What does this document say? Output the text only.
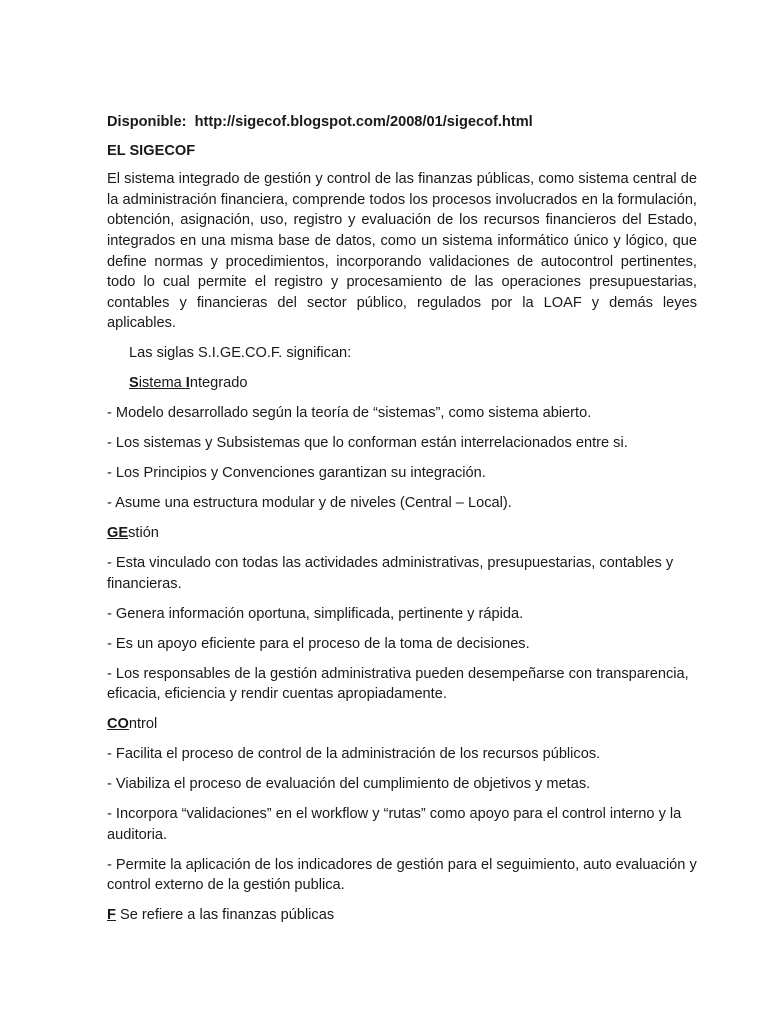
Disponible: http://sigecof.blogspot.com/2008/01/sigecof.html

EL SIGECOF

El sistema integrado de gestión y control de las finanzas públicas, como sistema central de la administración financiera, comprende todos los procesos involucrados en la formulación, obtención, asignación, uso, registro y evaluación de los recursos financieros del Estado, integrados en una misma base de datos, como un sistema informático único y lógico, que define normas y procedimientos, incorporando validaciones de autocontrol pertinentes, todo lo cual permite el registro y procesamiento de las operaciones presupuestarias, contables y financieras del sector público, regulados por la LOAF y demás leyes aplicables.

Las siglas S.I.GE.CO.F. significan:

Sistema Integrado

- Modelo desarrollado según la teoría de “sistemas”, como sistema abierto.

- Los sistemas y Subsistemas que lo conforman están interrelacionados entre si.

- Los Principios y Convenciones garantizan su integración.

- Asume una estructura modular y de niveles (Central – Local).

GEstión

- Esta vinculado con todas las actividades administrativas, presupuestarias, contables y financieras.

- Genera información oportuna, simplificada, pertinente y rápida.

- Es un apoyo eficiente para el proceso de la toma de decisiones.

- Los responsables de la gestión administrativa pueden desempeñarse con transparencia, eficacia, eficiencia y rendir cuentas apropiadamente.

COntrol

- Facilita el proceso de control de la administración de los recursos públicos.

- Viabiliza el proceso de evaluación del cumplimiento de objetivos y metas.

- Incorpora “validaciones” en el workflow y “rutas” como apoyo para el control interno y la auditoria.

- Permite la aplicación de los indicadores de gestión para el seguimiento, auto evaluación y control externo de la gestión publica.

F Se refiere a las finanzas públicas
